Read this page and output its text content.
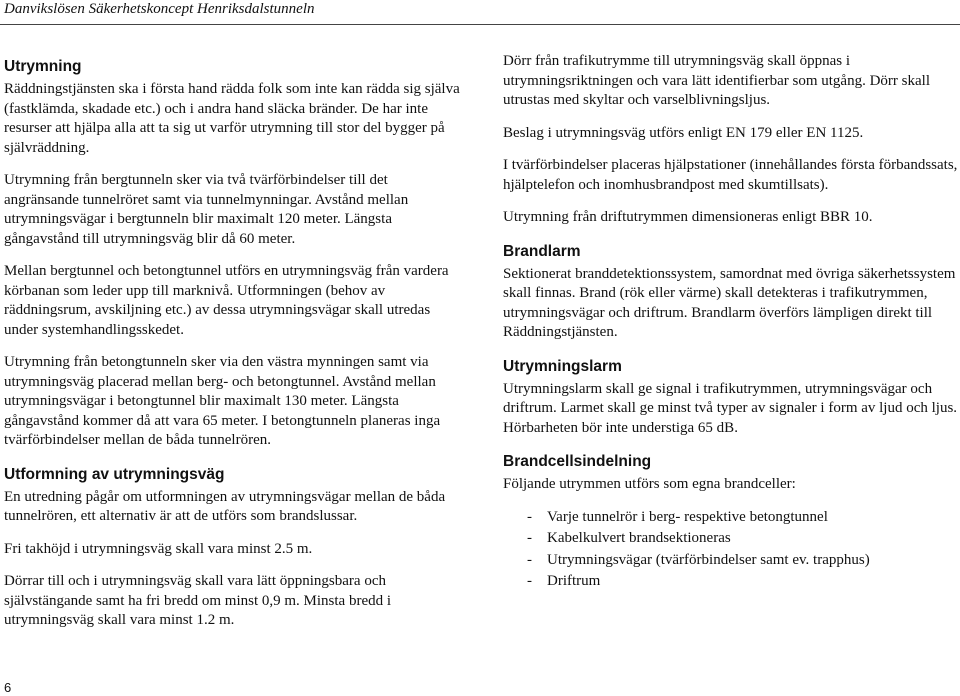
Danvikslösen Säkerhetskoncept Henriksdalstunneln
Utrymning

Räddningstjänsten ska i första hand rädda folk som inte kan rädda sig själva (fastklämda, skadade etc.) och i andra hand släcka bränder. De har inte resurser att hjälpa alla att ta sig ut varför utrymning till stor del bygger på självräddning.

Utrymning från bergtunneln sker via två tvärförbindelser till det angränsande tunnelröret samt via tunnelmynningar. Avstånd mellan utrymningsvägar i bergtunneln blir maximalt 120 meter. Längsta gångavstånd till utrymningsväg blir då 60 meter.

Mellan bergtunnel och betongtunnel utförs en utrymningsväg från vardera körbanan som leder upp till marknivå. Utformningen (behov av räddningsrum, avskiljning etc.) av dessa utrymningsvägar skall utredas under systemhandlingsskedet.

Utrymning från betongtunneln sker via den västra mynningen samt via utrymningsväg placerad mellan berg- och betongtunnel. Avstånd mellan utrymningsvägar i betongtunnel blir maximalt 130 meter. Längsta gångavstånd kommer då att vara 65 meter. I betongtunneln planeras inga tvärförbindelser mellan de båda tunnelrören.

Utformning av utrymningsväg

En utredning pågår om utformningen av utrymningsvägar mellan de båda tunnelrören, ett alternativ är att de utförs som brandslussar.

Fri takhöjd i utrymningsväg skall vara minst 2.5 m.

Dörrar till och i utrymningsväg skall vara lätt öppningsbara och självstängande samt ha fri bredd om minst 0,9 m. Minsta bredd i utrymningsväg skall vara minst 1.2 m.

Dörr från trafikutrymme till utrymningsväg skall öppnas i utrymningsriktningen och vara lätt identifierbar som utgång. Dörr skall utrustas med skyltar och varselblivningsljus.

Beslag i utrymningsväg utförs enligt EN 179 eller EN 1125.

I tvärförbindelser placeras hjälpstationer (innehållandes första förbandssats, hjälptelefon och inomhusbrandpost med skumtillsats).

Utrymning från driftutrymmen dimensioneras enligt BBR 10.

Brandlarm

Sektionerat branddetektionssystem, samordnat med övriga säkerhetssystem skall finnas. Brand (rök eller värme) skall detekteras i trafikutrymmen, utrymningsvägar och driftrum. Brandlarm överförs lämpligen direkt till Räddningstjänsten.

Utrymningslarm

Utrymningslarm skall ge signal i trafikutrymmen, utrymningsvägar och driftrum. Larmet skall ge minst två typer av signaler i form av ljud och ljus. Hörbarheten bör inte understiga 65 dB.

Brandcellsindelning

Följande utrymmen utförs som egna brandceller:

- Varje tunnelrör i berg- respektive betongtunnel
- Kabelkulvert brandsektioneras
- Utrymningsvägar (tvärförbindelser samt ev. trapphus)
- Driftrum
6
